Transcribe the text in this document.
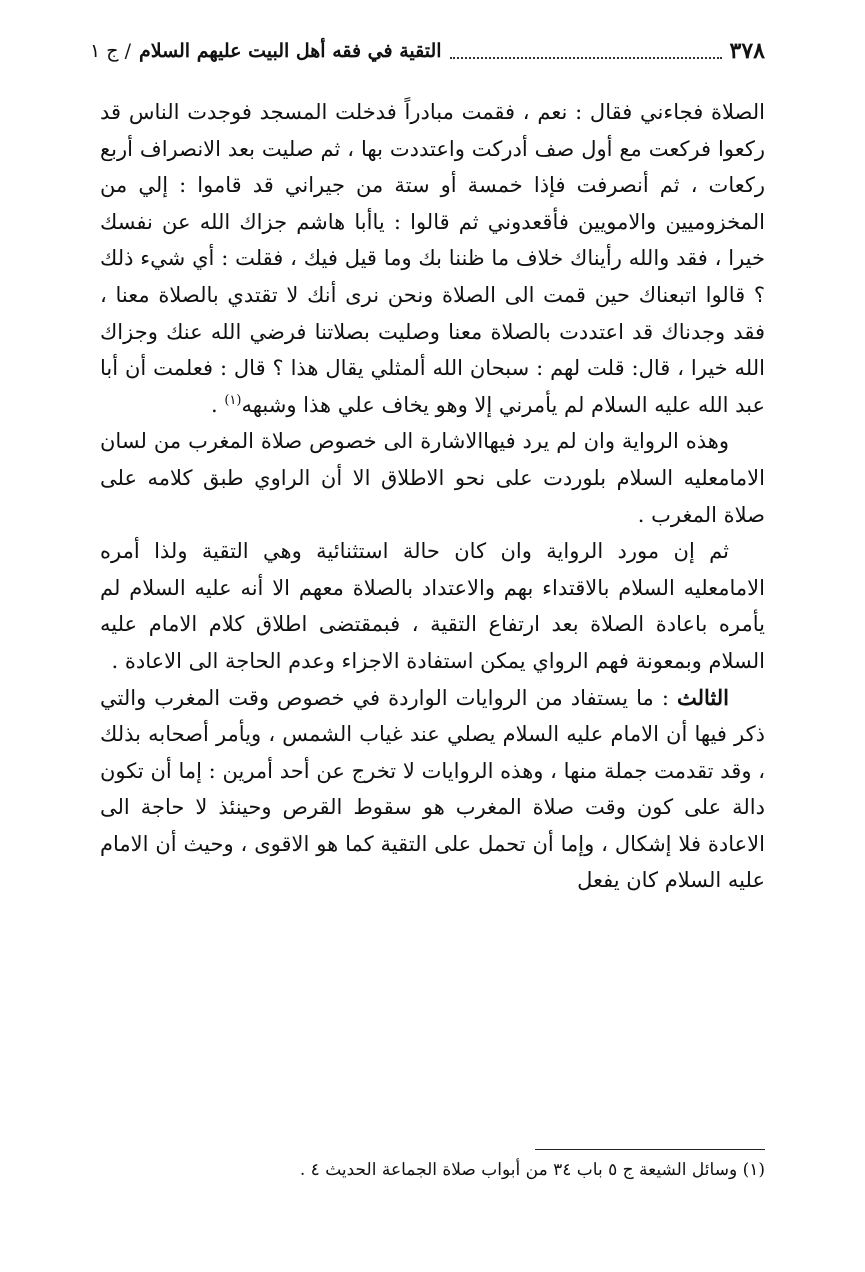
٣٧٨
التقية في فقه أهل البيت عليهم السلام
/ ج ١

الصلاة فجاءني فقال : نعم ، فقمت مبادراً فدخلت المسجد فوجدت الناس قد ركعوا فركعت مع أول صف أدركت واعتددت بها ، ثم صليت بعد الانصراف أربع ركعات ، ثم أنصرفت فإذا خمسة أو ستة من جيراني قد قاموا : إلي من المخزوميين والامويين فأقعدوني ثم قالوا : ياأبا هاشم جزاك الله عن نفسك خيرا ، فقد والله رأيناك خلاف ما ظننا بك وما قيل فيك ، فقلت : أي شيء ذلك ؟ قالوا اتبعناك حين قمت الى الصلاة ونحن نرى أنك لا تقتدي بالصلاة معنا ، فقد وجدناك قد اعتددت بالصلاة معنا وصليت بصلاتنا فرضي الله عنك وجزاك الله خيرا ، قال: قلت لهم : سبحان الله ألمثلي يقال هذا ؟ قال : فعلمت أن أبا عبد الله عليه السلام لم يأمرني إلا وهو يخاف علي هذا وشبهه$^{(١)}$ .

وهذه الرواية وان لم يرد فيهاالاشارة الى خصوص صلاة المغرب من لسان الامامعليه السلام بلوردت على نحو الاطلاق الا أن الراوي طبق كلامه على صلاة المغرب .

ثم إن مورد الرواية وان كان حالة استثنائية وهي التقية ولذا أمره الامامعليه السلام بالاقتداء بهم والاعتداد بالصلاة معهم الا أنه عليه السلام لم يأمره باعادة الصلاة بعد ارتفاع التقية ، فبمقتضى اطلاق كلام الامام عليه السلام وبمعونة فهم الرواي يمكن استفادة الاجزاء وعدم الحاجة الى الاعادة .

الثالث : ما يستفاد من الروايات الواردة في خصوص وقت المغرب والتي ذكر فيها أن الامام عليه السلام يصلي عند غياب الشمس ، ويأمر أصحابه بذلك ، وقد تقدمت جملة منها ، وهذه الروايات لا تخرج عن أحد أمرين : إما أن تكون دالة على كون وقت صلاة المغرب هو سقوط القرص وحينئذ لا حاجة الى الاعادة فلا إشكال ، وإما أن تحمل على التقية كما هو الاقوى ، وحيث أن الامام عليه السلام كان يفعل

(١) وسائل الشيعة ج ٥ باب ٣٤ من أبواب صلاة الجماعة الحديث ٤ .
